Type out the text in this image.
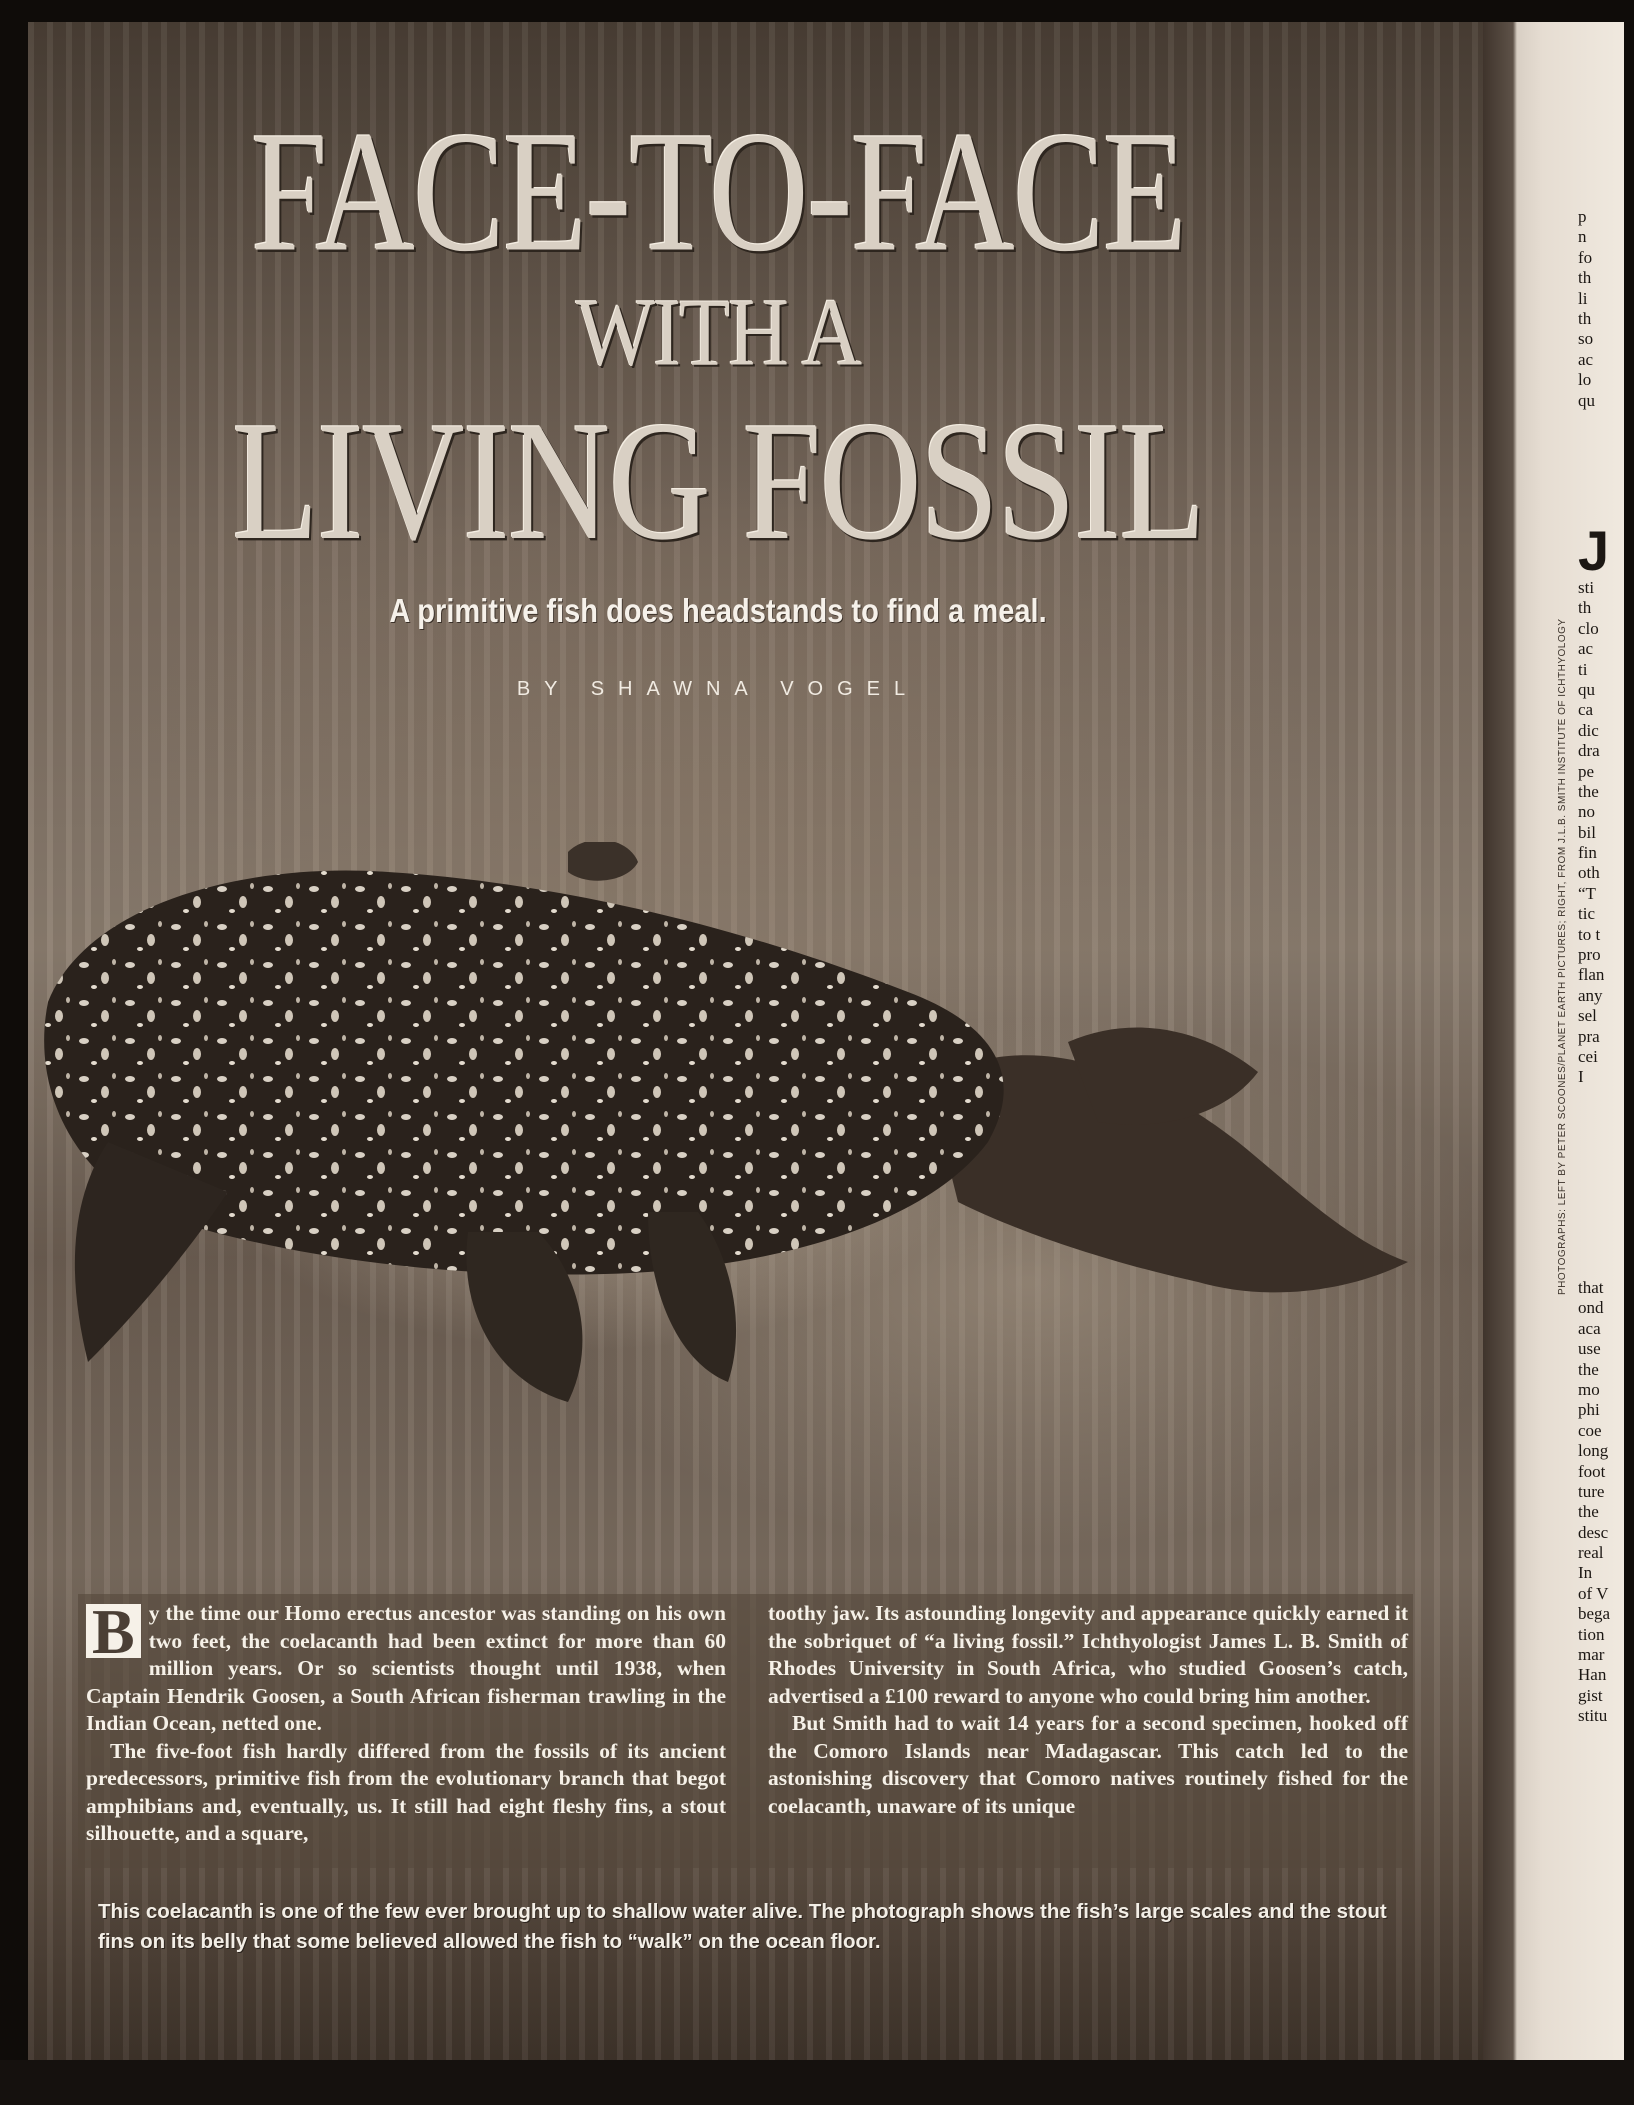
FACE-TO-FACE
WITH A
LIVING FOSSIL
A primitive fish does headstands to find a meal.
BY SHAWNA VOGEL

B y the time our Homo erectus ancestor was standing on his own two feet, the coelacanth had been extinct for more than 60 million years. Or so scientists thought until 1938, when Captain Hendrik Goosen, a South African fisherman trawling in the Indian Ocean, netted one.

The five-foot fish hardly differed from the fossils of its ancient predecessors, primitive fish from the evolutionary branch that begot amphibians and, eventually, us. It still had eight fleshy fins, a stout silhouette, and a square,

toothy jaw. Its astounding longevity and appearance quickly earned it the sobriquet of “a living fossil.” Ichthyologist James L. B. Smith of Rhodes University in South Africa, who studied Goosen’s catch, advertised a £100 reward to anyone who could bring him another.

But Smith had to wait 14 years for a second specimen, hooked off the Comoro Islands near Madagascar. This catch led to the astonishing discovery that Comoro natives routinely fished for the coelacanth, unaware of its unique

This coelacanth is one of the few ever brought up to shallow water alive. The photograph shows the fish’s large scales and the stout fins on its belly that some believed allowed the fish to “walk” on the ocean floor.
PHOTOGRAPHS: LEFT BY PETER SCOONES/PLANET EARTH PICTURES; RIGHT, FROM J.L.B. SMITH INSTITUTE OF ICHTHYOLOGY
p
n
fo
th
li
th
so
ac
lo
qu
J
sti
th
clo
ac
ti
qu
ca
dic
dra
pe
the
no
bil
fin
oth
“T
tic
to t
pro
flan
any
sel
pra
cei
I
that
ond
aca
use
the
mo
phi
coe
long
foot
ture
the
desc
real
In
of V
bega
tion
mar
Han
gist
stitu
